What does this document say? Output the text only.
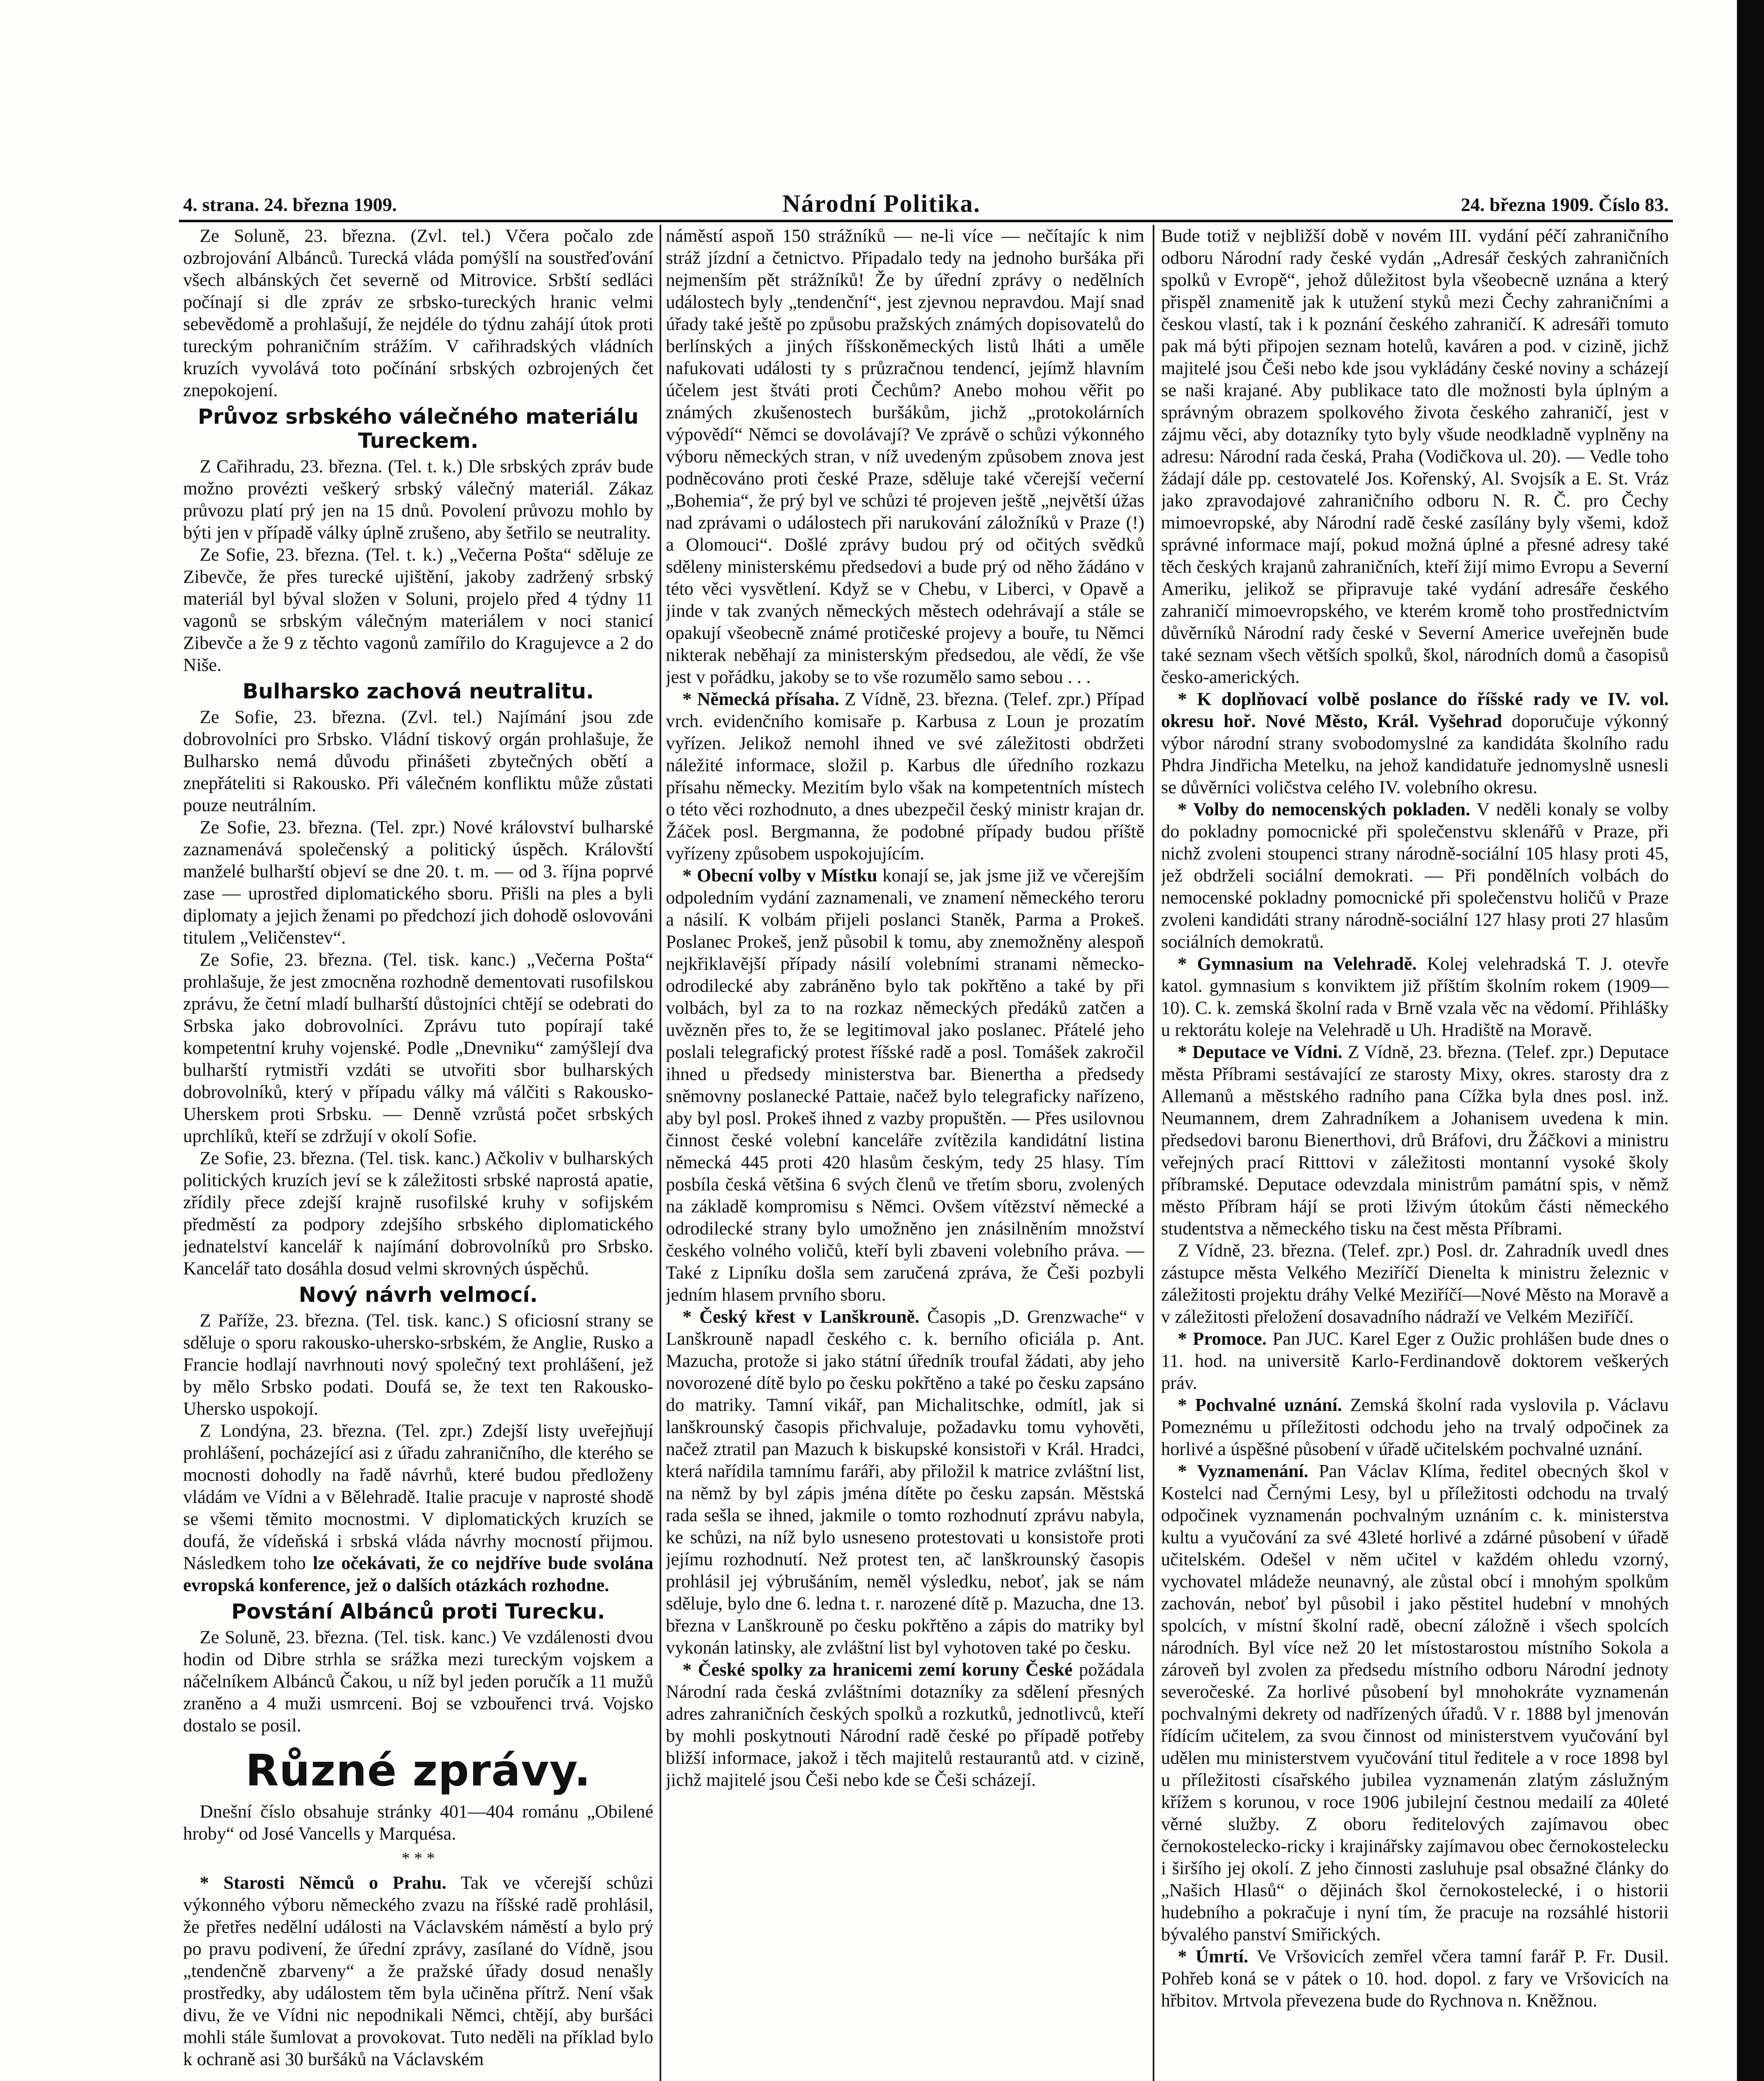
4. strana. 24. března 1909.	Národní Politika.	24. března 1909. Číslo 83.

Ze Soluně, 23. března. (Zvl. tel.) Včera počalo zde ozbrojování Albánců. Turecká vláda pomýšlí na soustřeďování všech albánských čet severně od Mitrovice. Srbští sedláci počínají si dle zpráv ze srbsko-tureckých hranic velmi sebevědomě a prohlašují, že nejdéle do týdnu zahájí útok proti tureckým pohraničním strážím. V cařihradských vládních kruzích vyvolává toto počínání srbských ozbrojených čet znepokojení.

Průvoz srbského válečného materiálu Tureckem.

Z Cařihradu, 23. března. (Tel. t. k.) Dle srbských zpráv bude možno provézti veškerý srbský válečný materiál. Zákaz průvozu platí prý jen na 15 dnů. Povolení průvozu mohlo by býti jen v případě války úplně zrušeno, aby šetřilo se neutrality.

Ze Sofie, 23. března. (Tel. t. k.) „Večerna Pošta“ sděluje ze Zibevče, že přes turecké ujištění, jakoby zadržený srbský materiál byl býval složen v Soluni, projelo před 4 týdny 11 vagonů se srbským válečným materiálem v noci stanicí Zibevče a že 9 z těchto vagonů zamířilo do Kragujevce a 2 do Niše.

Bulharsko zachová neutralitu.

Ze Sofie, 23. března. (Zvl. tel.) Najímání jsou zde dobrovolníci pro Srbsko. Vládní tiskový orgán prohlašuje, že Bulharsko nemá důvodu přinášeti zbytečných obětí a znepřáteliti si Rakousko. Při válečném konfliktu může zůstati pouze neutrálním.

Ze Sofie, 23. března. (Tel. zpr.) Nové království bulharské zaznamenává společenský a politický úspěch. Královští manželé bulharští objeví se dne 20. t. m. — od 3. října poprvé zase — uprostřed diplomatického sboru. Přišli na ples a byli diplomaty a jejich ženami po předchozí jich dohodě oslovováni titulem „Veličenstev“.

Ze Sofie, 23. března. (Tel. tisk. kanc.) „Večerna Pošta“ prohlašuje, že jest zmocněna rozhodně dementovati rusofilskou zprávu, že četní mladí bulharští důstojníci chtějí se odebrati do Srbska jako dobrovolníci. Zprávu tuto popírají také kompetentní kruhy vojenské. Podle „Dnevniku“ zamýšlejí dva bulharští rytmistři vzdáti se utvořiti sbor bulharských dobrovolníků, který v případu války má válčiti s Rakousko-Uherskem proti Srbsku. — Denně vzrůstá počet srbských uprchlíků, kteří se zdržují v okolí Sofie.

Ze Sofie, 23. března. (Tel. tisk. kanc.) Ačkoliv v bulharských politických kruzích jeví se k záležitosti srbské naprostá apatie, zřídily přece zdejší krajně rusofilské kruhy v sofijském předměstí za podpory zdejšího srbského diplomatického jednatelství kancelář k najímání dobrovolníků pro Srbsko. Kancelář tato dosáhla dosud velmi skrovných úspěchů.

Nový návrh velmocí.

Z Paříže, 23. března. (Tel. tisk. kanc.) S oficiosní strany se sděluje o sporu rakousko-uhersko-srbském, že Anglie, Rusko a Francie hodlají navrhnouti nový společný text prohlášení, jež by mělo Srbsko podati. Doufá se, že text ten Rakousko-Uhersko uspokojí.

Z Londýna, 23. března. (Tel. zpr.) Zdejší listy uveřejňují prohlášení, pocházející asi z úřadu zahraničního, dle kterého se mocnosti dohodly na řadě návrhů, které budou předloženy vládám ve Vídni a v Bělehradě. Italie pracuje v naprosté shodě se všemi těmito mocnostmi. V diplomatických kruzích se doufá, že vídeňská i srbská vláda návrhy mocností přijmou. Následkem toho lze očekávati, že co nejdříve bude svolána evropská konference, jež o dalších otázkách rozhodne.

Povstání Albánců proti Turecku.

Ze Soluně, 23. března. (Tel. tisk. kanc.) Ve vzdálenosti dvou hodin od Dibre strhla se srážka mezi tureckým vojskem a náčelníkem Albánců Čakou, u níž byl jeden poručík a 11 mužů zraněno a 4 muži usmrceni. Boj se vzbouřenci trvá. Vojsko dostalo se posil.

Různé zprávy.

Dnešní číslo obsahuje stránky 401—404 románu „Obilené hroby“ od José Vancells y Marquésa.

* * *

* Starosti Němců o Prahu. Tak ve včerejší schůzi výkonného výboru německého zvazu na říšské radě prohlásil, že přetřes nedělní události na Václavském náměstí a bylo prý po pravu podivení, že úřední zprávy, zasílané do Vídně, jsou „tendenčně zbarveny“ a že pražské úřady dosud nenašly prostředky, aby událostem těm byla učiněna přítrž. Není však divu, že ve Vídni nic nepodnikali Němci, chtějí, aby buršáci mohli stále šumlovat a provokovat. Tuto neděli na příklad bylo k ochraně asi 30 buršáků na Václavském

náměstí aspoň 150 strážníků — ne-li více — nečítajíc k nim stráž jízdní a četnictvo. Připadalo tedy na jednoho buršáka při nejmenším pět strážníků! Že by úřední zprávy o nedělních událostech byly „tendenční“, jest zjevnou nepravdou. Mají snad úřady také ještě po způsobu pražských známých dopisovatelů do berlínských a jiných říšskoněmeckých listů lháti a uměle nafukovati události ty s průzračnou tendencí, jejímž hlavním účelem jest štváti proti Čechům? Anebo mohou věřit po známých zkušenostech buršákům, jichž „protokolárních výpovědí“ Němci se dovolávají? Ve zprávě o schůzi výkonného výboru německých stran, v níž uvedeným způsobem znova jest podněcováno proti české Praze, sděluje také včerejší večerní „Bohemia“, že prý byl ve schůzi té projeven ještě „největší úžas nad zprávami o událostech při narukování záložníků v Praze (!) a Olomouci“. Došlé zprávy budou prý od očitých svědků sděleny ministerskému předsedovi a bude prý od něho žádáno v této věci vysvětlení. Když se v Chebu, v Liberci, v Opavě a jinde v tak zvaných německých městech odehrávají a stále se opakují všeobecně známé protičeské projevy a bouře, tu Němci nikterak neběhají za ministerským předsedou, ale vědí, že vše jest v pořádku, jakoby se to vše rozumělo samo sebou . . .

* Německá přísaha. Z Vídně, 23. března. (Telef. zpr.) Případ vrch. evidenčního komisaře p. Karbusa z Loun je prozatím vyřízen. Jelikož nemohl ihned ve své záležitosti obdržeti náležité informace, složil p. Karbus dle úředního rozkazu přísahu německy. Mezitím bylo však na kompetentních místech o této věci rozhodnuto, a dnes ubezpečil český ministr krajan dr. Žáček posl. Bergmanna, že podobné případy budou příště vyřízeny způsobem uspokojujícím.

* Obecní volby v Místku konají se, jak jsme již ve včerejším odpoledním vydání zaznamenali, ve znamení německého teroru a násilí. K volbám přijeli poslanci Staněk, Parma a Prokeš. Poslanec Prokeš, jenž působil k tomu, aby znemožněny alespoň nejkřiklavější případy násilí volebními stranami německo-odrodilecké aby zabráněno bylo tak pokřtěno a také by při volbách, byl za to na rozkaz německých předáků zatčen a uvězněn přes to, že se legitimoval jako poslanec. Přátelé jeho poslali telegrafický protest říšské radě a posl. Tomášek zakročil ihned u předsedy ministerstva bar. Bienertha a předsedy sněmovny poslanecké Pattaie, načež bylo telegraficky nařízeno, aby byl posl. Prokeš ihned z vazby propuštěn. — Přes usilovnou činnost české volební kanceláře zvítězila kandidátní listina německá 445 proti 420 hlasům českým, tedy 25 hlasy. Tím posbíla česká většina 6 svých členů ve třetím sboru, zvolených na základě kompromisu s Němci. Ovšem vítězství německé a odrodilecké strany bylo umožněno jen znásilněním množství českého volného voličů, kteří byli zbaveni volebního práva. — Také z Lipníku došla sem zaručená zpráva, že Češi pozbyli jedním hlasem prvního sboru.

* Český křest v Lanškrouně. Časopis „D. Grenzwache“ v Lanškrouně napadl českého c. k. berního oficiála p. Ant. Mazucha, protože si jako státní úředník troufal žádati, aby jeho novorozené dítě bylo po česku pokřtěno a také po česku zapsáno do matriky. Tamní vikář, pan Michalitschke, odmítl, jak si lanškrounský časopis přichvaluje, požadavku tomu vyhověti, načež ztratil pan Mazuch k biskupské konsistoři v Král. Hradci, která nařídila tamnímu faráři, aby přiložil k matrice zvláštní list, na němž by byl zápis jména dítěte po česku zapsán. Městská rada sešla se ihned, jakmile o tomto rozhodnutí zprávu nabyla, ke schůzi, na níž bylo usneseno protestovati u konsistoře proti jejímu rozhodnutí. Než protest ten, ač lanškrounský časopis prohlásil jej výbrušáním, neměl výsledku, neboť, jak se nám sděluje, bylo dne 6. ledna t. r. narozené dítě p. Mazucha, dne 13. března v Lanškrouně po česku pokřtěno a zápis do matriky byl vykonán latinsky, ale zvláštní list byl vyhotoven také po česku.

* České spolky za hranicemi zemí koruny České požádala Národní rada česká zvláštními dotazníky za sdělení přesných adres zahraničních českých spolků a rozkutků, jednotlivců, kteří by mohli poskytnouti Národní radě české po případě potřeby bližší informace, jakož i těch majitelů restaurantů atd. v cizině, jichž majitelé jsou Češi nebo kde se Češi scházejí.

Bude totiž v nejbližší době v novém III. vydání péčí zahraničního odboru Národní rady české vydán „Adresář českých zahraničních spolků v Evropě“, jehož důležitost byla všeobecně uznána a který přispěl znamenitě jak k utužení styků mezi Čechy zahraničními a českou vlastí, tak i k poznání českého zahraničí. K adresáři tomuto pak má býti připojen seznam hotelů, kaváren a pod. v cizině, jichž majitelé jsou Češi nebo kde jsou vykládány české noviny a scházejí se naši krajané. Aby publikace tato dle možnosti byla úplným a správným obrazem spolkového života českého zahraničí, jest v zájmu věci, aby dotazníky tyto byly všude neodkladně vyplněny na adresu: Národní rada česká, Praha (Vodičkova ul. 20). — Vedle toho žádají dále pp. cestovatelé Jos. Kořenský, Al. Svojsík a E. St. Vráz jako zpravodajové zahraničního odboru N. R. Č. pro Čechy mimoevropské, aby Národní radě české zasílány byly všemi, kdož správné informace mají, pokud možná úplné a přesné adresy také těch českých krajanů zahraničních, kteří žijí mimo Evropu a Severní Ameriku, jelikož se připravuje také vydání adresáře českého zahraničí mimoevropského, ve kterém kromě toho prostřednictvím důvěrníků Národní rady české v Severní Americe uveřejněn bude také seznam všech větších spolků, škol, národních domů a časopisů česko-amerických.

* K doplňovací volbě poslance do říšské rady ve IV. vol. okresu hoř. Nové Město, Král. Vyšehrad doporučuje výkonný výbor národní strany svobodomyslné za kandidáta školního radu Phdra Jindřicha Metelku, na jehož kandidatuře jednomyslně usnesli se důvěrníci voličstva celého IV. volebního okresu.

* Volby do nemocenských pokladen. V neděli konaly se volby do pokladny pomocnické při společenstvu sklenářů v Praze, při nichž zvoleni stoupenci strany národně-sociální 105 hlasy proti 45, jež obdrželi sociální demokrati. — Při pondělních volbách do nemocenské pokladny pomocnické při společenstvu holičů v Praze zvoleni kandidáti strany národně-sociální 127 hlasy proti 27 hlasům sociálních demokratů.

* Gymnasium na Velehradě. Kolej velehradská T. J. otevře katol. gymnasium s konviktem již příštím školním rokem (1909—10). C. k. zemská školní rada v Brně vzala věc na vědomí. Přihlášky u rektorátu koleje na Velehradě u Uh. Hradiště na Moravě.

* Deputace ve Vídni. Z Vídně, 23. března. (Telef. zpr.) Deputace města Příbrami sestávající ze starosty Mixy, okres. starosty dra z Allemanů a městského radního pana Cížka byla dnes posl. inž. Neumannem, drem Zahradníkem a Johanisem uvedena k min. předsedovi baronu Bienerthovi, drů Bráfovi, dru Žáčkovi a ministru veřejných prací Ritttovi v záležitosti montanní vysoké školy příbramské. Deputace odevzdala ministrům památní spis, v němž město Příbram hájí se proti lživým útokům části německého studentstva a německého tisku na čest města Příbrami.

Z Vídně, 23. března. (Telef. zpr.) Posl. dr. Zahradník uvedl dnes zástupce města Velkého Meziříčí Dienelta k ministru železnic v záležitosti projektu dráhy Velké Meziříčí—Nové Město na Moravě a v záležitosti přeložení dosavadního nádraží ve Velkém Meziříčí.

* Promoce. Pan JUC. Karel Eger z Oužic prohlášen bude dnes o 11. hod. na universitě Karlo-Ferdinandově doktorem veškerých práv.

* Pochvalné uznání. Zemská školní rada vyslovila p. Václavu Pomeznému u příležitosti odchodu jeho na trvalý odpočinek za horlivé a úspěšné působení v úřadě učitelském pochvalné uznání.

* Vyznamenání. Pan Václav Klíma, ředitel obecných škol v Kostelci nad Černými Lesy, byl u příležitosti odchodu na trvalý odpočinek vyznamenán pochvalným uznáním c. k. ministerstva kultu a vyučování za své 43leté horlivé a zdárné působení v úřadě učitelském. Odešel v něm učitel v každém ohledu vzorný, vychovatel mládeže neunavný, ale zůstal obcí i mnohým spolkům zachován, neboť byl působil i jako pěstitel hudební v mnohých spolcích, v místní školní radě, obecní záložně i všech spolcích národních. Byl více než 20 let místostarostou místního Sokola a zároveň byl zvolen za předsedu místního odboru Národní jednoty severočeské. Za horlivé působení byl mnohokráte vyznamenán pochvalnými dekrety od nadřízených úřadů. V r. 1888 byl jmenován řídícím učitelem, za svou činnost od ministerstvem vyučování byl udělen mu ministerstvem vyučování titul ředitele a v roce 1898 byl u příležitosti císařského jubilea vyznamenán zlatým záslužným křížem s korunou, v roce 1906 jubilejní čestnou medailí za 40leté věrné služby. Z oboru ředitelových zajímavou obec černokostelecko-ricky i krajinářsky zajímavou obec černokostelecku i širšího jej okolí. Z jeho činnosti zasluhuje psal obsažné články do „Našich Hlasů“ o dějinách škol černokostelecké, i o historii hudebního a pokračuje i nyní tím, že pracuje na rozsáhlé historii bývalého panství Smiřických.

* Úmrtí. Ve Vršovicích zemřel včera tamní farář P. Fr. Dusil. Pohřeb koná se v pátek o 10. hod. dopol. z fary ve Vršovicích na hřbitov. Mrtvola převezena bude do Rychnova n. Kněžnou.
